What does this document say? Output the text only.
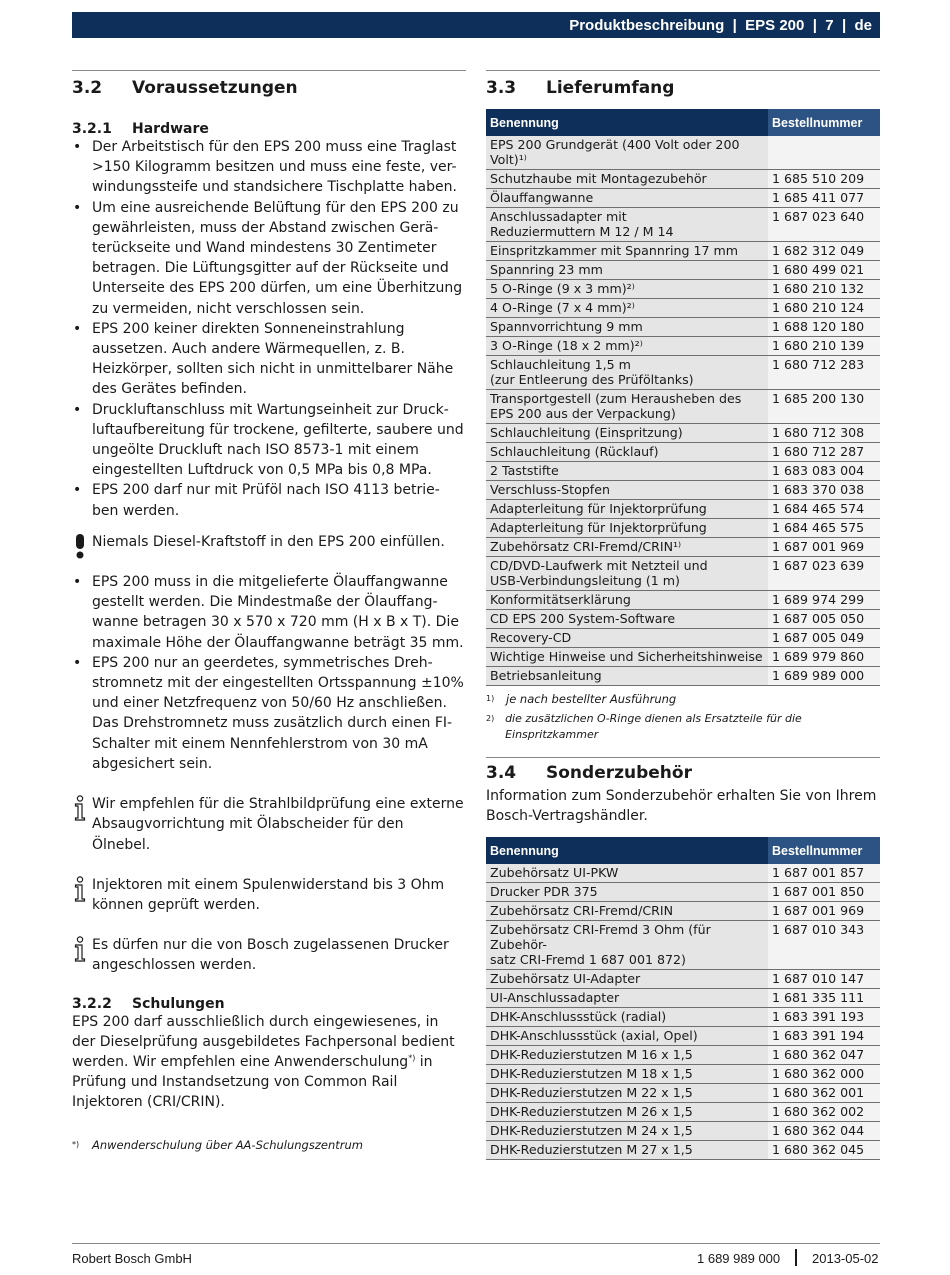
Produktbeschreibung | EPS 200 | 7 | de
3.2	Voraussetzungen
3.2.1	Hardware
• Der Arbeitstisch für den EPS 200 muss eine Traglast >150 Kilogramm besitzen und muss eine feste, ver-windungssteife und standsichere Tischplatte haben.
• Um eine ausreichende Belüftung für den EPS 200 zu gewährleisten, muss der Abstand zwischen Gerä-terückseite und Wand mindestens 30 Zentimeter betragen. Die Lüftungsgitter auf der Rückseite und Unterseite des EPS 200 dürfen, um eine Überhitzung zu vermeiden, nicht verschlossen sein.
• EPS 200 keiner direkten Sonneneinstrahlung aussetzen. Auch andere Wärmequellen, z. B. Heizkörper, sollten sich nicht in unmittelbarer Nähe des Gerätes befinden.
• Druckluftanschluss mit Wartungseinheit zur Druck-luftaufbereitung für trockene, gefilterte, saubere und ungeölte Druckluft nach ISO 8573-1 mit einem eingestellten Luftdruck von 0,5 MPa bis 0,8 MPa.
• EPS 200 darf nur mit Prüföl nach ISO 4113 betrie-ben werden.
Niemals Diesel-Kraftstoff in den EPS 200 einfüllen.
• EPS 200 muss in die mitgelieferte Ölauffangwanne gestellt werden. Die Mindestmaße der Ölauffang-wanne betragen 30 x 570 x 720 mm (H x B x T). Die maximale Höhe der Ölauffangwanne beträgt 35 mm.
• EPS 200 nur an geerdetes, symmetrisches Dreh-stromnetz mit der eingestellten Ortsspannung ±10% und einer Netzfrequenz von 50/60 Hz anschließen. Das Drehstromnetz muss zusätzlich durch einen FI-Schalter mit einem Nennfehlerstrom von 30 mA abgesichert sein.
Wir empfehlen für die Strahlbildprüfung eine externe Absaugvorrichtung mit Ölabscheider für den Ölnebel.
Injektoren mit einem Spulenwiderstand bis 3 Ohm können geprüft werden.
Es dürfen nur die von Bosch zugelassenen Drucker angeschlossen werden.
3.2.2	Schulungen
EPS 200 darf ausschließlich durch eingewiesenes, in der Dieselprüfung ausgebildetes Fachpersonal bedient werden. Wir empfehlen eine Anwenderschulung*) in Prüfung und Instandsetzung von Common Rail Injektoren (CRI/CRIN).
*)	Anwenderschulung über AA-Schulungszentrum
3.3	Lieferumfang
Benennung	Bestellnummer
EPS 200 Grundgerät (400 Volt oder 200 Volt)¹⁾	
Schutzhaube mit Montagezubehör	1 685 510 209
Ölauffangwanne	1 685 411 077
Anschlussadapter mit
Reduziermuttern M 12 / M 14	1 687 023 640
Einspritzkammer mit Spannring 17 mm	1 682 312 049
Spannring 23 mm	1 680 499 021
5 O-Ringe (9 x 3 mm)²⁾	1 680 210 132
4 O-Ringe (7 x 4 mm)²⁾	1 680 210 124
Spannvorrichtung 9 mm	1 688 120 180
3 O-Ringe (18 x 2 mm)²⁾	1 680 210 139
Schlauchleitung 1,5 m
(zur Entleerung des Prüföltanks)	1 680 712 283
Transportgestell (zum Herausheben des
EPS 200 aus der Verpackung)	1 685 200 130
Schlauchleitung (Einspritzung)	1 680 712 308
Schlauchleitung (Rücklauf)	1 680 712 287
2 Taststifte	1 683 083 004
Verschluss-Stopfen	1 683 370 038
Adapterleitung für Injektorprüfung	1 684 465 574
Adapterleitung für Injektorprüfung	1 684 465 575
Zubehörsatz CRI-Fremd/CRIN¹⁾	1 687 001 969
CD/DVD-Laufwerk mit Netzteil und
USB-Verbindungsleitung (1 m)	1 687 023 639
Konformitätserklärung	1 689 974 299
CD EPS 200 System-Software	1 687 005 050
Recovery-CD	1 687 005 049
Wichtige Hinweise und Sicherheitshinweise	1 689 979 860
Betriebsanleitung	1 689 989 000
1)	je nach bestellter Ausführung
2) die zusätzlichen O-Ringe dienen als Ersatzteile für die Einspritzkammer
3.4	Sonderzubehör
Information zum Sonderzubehör erhalten Sie von Ihrem Bosch-Vertragshändler.
Benennung	Bestellnummer
Zubehörsatz UI-PKW	1 687 001 857
Drucker PDR 375	1 687 001 850
Zubehörsatz CRI-Fremd/CRIN	1 687 001 969
Zubehörsatz CRI-Fremd 3 Ohm (für Zubehör-
satz CRI-Fremd 1 687 001 872)	1 687 010 343
Zubehörsatz UI-Adapter	1 687 010 147
UI-Anschlussadapter	1 681 335 111
DHK-Anschlussstück (radial)	1 683 391 193
DHK-Anschlussstück (axial, Opel)	1 683 391 194
DHK-Reduzierstutzen M 16 x 1,5	1 680 362 047
DHK-Reduzierstutzen M 18 x 1,5	1 680 362 000
DHK-Reduzierstutzen M 22 x 1,5	1 680 362 001
DHK-Reduzierstutzen M 26 x 1,5	1 680 362 002
DHK-Reduzierstutzen M 24 x 1,5	1 680 362 044
DHK-Reduzierstutzen M 27 x 1,5	1 680 362 045
Robert Bosch GmbH	1 689 989 000 2013-05-02
